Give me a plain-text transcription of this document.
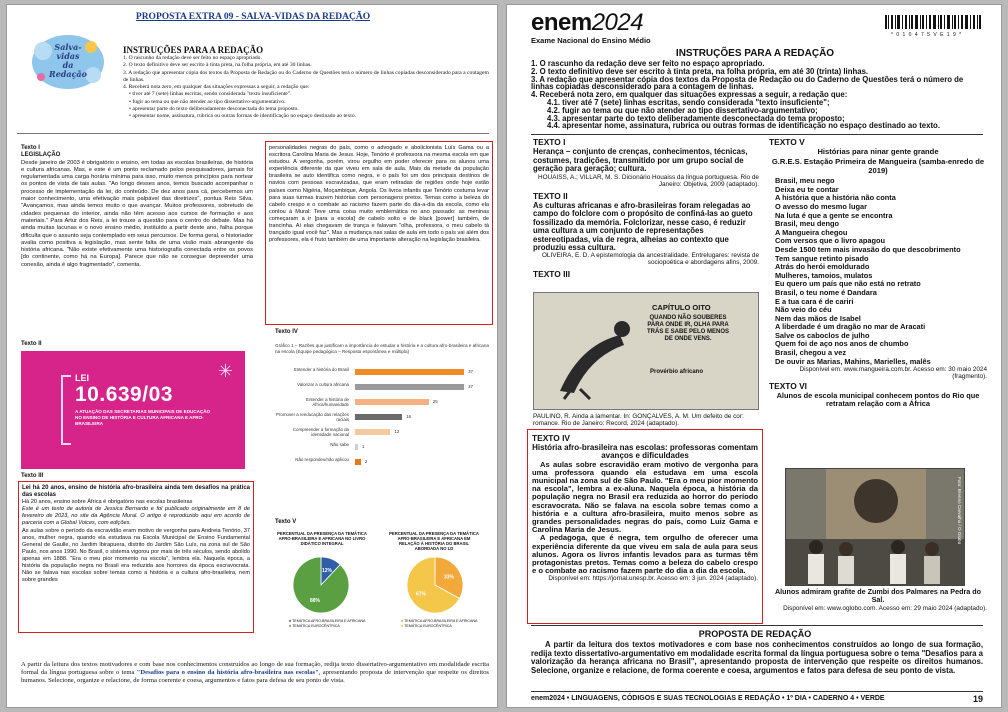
PROPOSTA EXTRA 09 - SALVA-VIDAS DA REDAÇÃO
Salva-vidas
da
Redação
INSTRUÇÕES PARA A REDAÇÃO
1. O rascunho da redação deve ser feito no espaço apropriado.
2. O texto definitivo deve ser escrito à tinta preta, na folha própria, em até 30 linhas.
3. A redação que apresentar cópia dos textos da Proposta de Redação ou do Caderno de Questões terá o número de linhas copiadas desconsiderado para a contagem de linhas.
4. Receberá nota zero, em qualquer das situações expressas a seguir, a redação que:
• tiver até 7 (sete) linhas escritas, sendo considerada "texto insuficiente".
• fugir ao tema ou que não atender ao tipo dissertativo-argumentativo.
• apresentar parte do texto deliberadamente desconectada do tema proposto.
• apresentar nome, assinatura, rubrica ou outras formas de identificação no espaço destinado ao texto.
Texto I
LEGISLAÇÃO

Desde janeiro de 2003 é obrigatório o ensino, em todas as escolas brasileiras, de história e cultura africanas. Mas, e este é um ponto reclamado pelos pesquisadores, jamais foi regulamentada uma carga horária mínima para isso, muito menos princípios para nortear os pontos de vista de tais aulas. "Ao longo desses anos, temos buscado acompanhar o processo de implementação da lei, do conteúdo. De dez anos para cá, percebemos um maior conhecimento, uma efetivação mais palpável das diretrizes", pontua Reis Silva. "Avançamos, mas ainda temos muito o que avançar. Muitos professores, sobretudo de cidades pequenas do interior, ainda não têm acesso aos cursos de formação e aos materiais." Para Artur dos Reis, a lei trouxe a questão para o centro do debate. Mas há ainda muitas lacunas e o novo ensino médio, instituído a partir deste ano, falha porque dificulta que o assunto seja contemplado em seus percursos. De forma geral, o historiador avalia como positiva a legislação, mas sente falta de uma visão mais abrangente da história africana. "Não existe efetivamente uma historiografia conectada entre os povos [do continente, como há na Europa]. Parece que não se consegue depreender uma conexão, ainda é algo fragmentado", comenta.

Texto II
LEI
10.639/03
A ATUAÇÃO DAS SECRETARIAS MUNICIPAIS DE EDUCAÇÃO NO ENSINO DE HISTÓRIA E CULTURA AFRICANA E AFRO-BRASILEIRA
✳
Texto III
Lei há 20 anos, ensino de história afro-brasileira ainda tem desafios na prática das escolas
Há 20 anos, ensino sobre África é obrigatório nas escolas brasileiras
Este é um texto de autoria de Jessica Bernardo e foi publicado originalmente em 8 de fevereiro de 2023, no site da Agência Mural. O artigo é reproduzido aqui em acordo de parceria com a Global Voices, com edições.
As aulas sobre o período da escravidão eram motivo de vergonha para Andreia Tenório, 37 anos, mulher negra, quando ela estudava na Escola Municipal de Ensino Fundamental General de Gaulle, no Jardim Ibirapuera, distrito do Jardim São Luís, na zona sul de São Paulo, nos anos 1990. No Brasil, o sistema vigorou por mais de três séculos, sendo abolido apenas em 1888. "Era o meu pior momento na escola", lembra ela. Naquela época, a história da população negra no Brasil era reduzida aos horrores da época escravocrata. Não se falava nas escolas sobre temas como a história e a cultura afro-brasileira, nem sobre grandes
personalidades negras do país, como o advogado e abolicionista Luís Gama ou a escritora Carolina Maria de Jesus. Hoje, Tenório é professora na mesma escola em que estudou. A vergonha, porém, virou orgulho em poder oferecer para os alunos uma experiência diferente da que viveu em sala de aula. Mais da metade da população brasileira se auto identifica como negra, e o país foi um dos principais destinos de navios com pessoas escravizadas, que eram retiradas de regiões onde hoje estão países como Nigéria, Moçambique, Angola. Os livros infantis que Tenório costuma levar para suas turmas trazem histórias com personagens pretos. Temas como a beleza do cabelo crespo e o combate ao racismo fazem parte do dia-a-dia da escola, como ela contou à Mural: Teve uma coisa muito emblemática no ano passado: as meninas começaram a ir [para a escola] de cabelo solto e de black [power] também, de trancinha. Aí elas chegavam de trança e falavam "olha, professora, o meu cabelo tá trançado igual você faz". Mas a mudança nas salas de aula em todo o país vai além dos professores, ela é fruto também de uma importante alteração na legislação brasileira.
Texto IV
Gráfico 1 – Razões que justificam a importância de estudar a história e a cultura afro-brasileira e africana na escola (Equipe pedagógica – Resposta espontânea e múltipla)
Entender a história do Brasil	37
Valorizar a cultura africana	37
Entender a história de África/humanidade
25
Promover a reeducação das relações raciais
16
Compreender a formação da identidade nacional
12
Não sabe	1
Não respondeu/não aplicou	2
Texto V
PERCENTUAL DA PRESENÇA DA TEMÁTICA AFRO-BRASILEIRA E AFRICANA NO LIVRO DIDÁTICO INTEGRAL
PERCENTUAL DA PRESENÇA DA TEMÁTICA AFRO-BRASILEIRA E AFRICANA EM RELAÇÃO À HISTÓRIA DO BRASIL ABORDADA NO LD
12%
88%
33%
67%
■ TEMÁTICA AFRO-BRASILEIRA E AFRICANA
■ TEMÁTICA EUROCÊNTRICA
■ TEMÁTICA AFRO-BRASILEIRA E AFRICANA
■ TEMÁTICA EUROCÊNTRICA
A partir da leitura dos textos motivadores e com base nos conhecimentos construídos ao longo de sua formação, redija texto dissertativo-argumentativo em modalidade escrita formal da língua portuguesa sobre o tema "Desafios para o ensino da história afro-brasileira nas escolas", apresentando proposta de intervenção que respeite os direitos humanos. Selecione, organize e relacione, de forma coerente e coesa, argumentos e fatos para defesa de seu ponto de vista.
enem2024
Exame Nacional do Ensino Médio
* 0 1 0 4 7 5 V E 1 9 *
INSTRUÇÕES PARA A REDAÇÃO
1. O rascunho da redação deve ser feito no espaço apropriado.
2. O texto definitivo deve ser escrito à tinta preta, na folha própria, em até 30 (trinta) linhas.
3. A redação que apresentar cópia dos textos da Proposta de Redação ou do Caderno de Questões terá o número de linhas copiadas desconsiderado para a contagem de linhas.
4. Receberá nota zero, em qualquer das situações expressas a seguir, a redação que:
4.1. tiver até 7 (sete) linhas escritas, sendo considerada "texto insuficiente";
4.2. fugir ao tema ou que não atender ao tipo dissertativo-argumentativo;
4.3. apresentar parte do texto deliberadamente desconectada do tema proposto;
4.4. apresentar nome, assinatura, rubrica ou outras formas de identificação no espaço destinado ao texto.
TEXTO I
Herança – conjunto de crenças, conhecimentos, técnicas, costumes, tradições, transmitido por um grupo social de geração para geração; cultura.
HOUAISS, A.; VILLAR, M. S. Dicionário Houaiss da língua portuguesa. Rio de Janeiro: Objetiva, 2009 (adaptado).
TEXTO II
As culturas africanas e afro-brasileiras foram relegadas ao campo do folclore com o propósito de confiná-las ao gueto fossilizado da memória. Folclorizar, nesse caso, é reduzir uma cultura a um conjunto de representações estereotipadas, via de regra, alheias ao contexto que produziu essa cultura.
OLIVEIRA, E. D. A epistemologia da ancestralidade. Entrelugares: revista de sociopoética e abordagens afins, 2009.
TEXTO III
CAPÍTULO OITO
QUANDO NÃO SOUBERES PARA ONDE IR, OLHA PARA TRÁS E SABE PELO MENOS DE ONDE VENS.
Provérbio africano
PAULINO, R. Ainda a lamentar. In: GONÇALVES, A. M. Um defeito de cor: romance. Rio de Janeiro: Record, 2024 (adaptado).
TEXTO IV
História afro-brasileira nas escolas: professoras comentam avanços e dificuldades
As aulas sobre escravidão eram motivo de vergonha para uma professora quando ela estudava em uma escola municipal na zona sul de São Paulo. "Era o meu pior momento na escola", lembra a ex-aluna. Naquela época, a história da população negra no Brasil era reduzida ao horror do período escravocrata. Não se falava na escola sobre temas como a história e a cultura afro-brasileira, muito menos sobre as grandes personalidades negras do país, como Luiz Gama e Carolina Maria de Jesus.
A pedagoga, que é negra, tem orgulho de oferecer uma experiência diferente da que viveu em sala de aula para seus alunos. Agora os livros infantis levados para as turmas têm protagonistas pretos. Temas como a beleza do cabelo crespo e o combate ao racismo fazem parte do dia a dia da escola.
Disponível em: https://jornal.unesp.br. Acesso em: 3 jun. 2024 (adaptado).
TEXTO V
Histórias para ninar gente grande
G.R.E.S. Estação Primeira de Mangueira (samba-enredo de 2019)
Brasil, meu nego
Deixa eu te contar
A história que a história não conta
O avesso do mesmo lugar
Na luta é que a gente se encontra
Brasil, meu dengo
A Mangueira chegou
Com versos que o livro apagou
Desde 1500 tem mais invasão do que descobrimento
Tem sangue retinto pisado
Atrás do herói emoldurado
Mulheres, tamoios, mulatos
Eu quero um país que não está no retrato
Brasil, o teu nome é Dandara
E a tua cara é de cariri
Não veio do céu
Nem das mãos de Isabel
A liberdade é um dragão no mar de Aracati
Salve os caboclos de julho
Quem foi de aço nos anos de chumbo
Brasil, chegou a vez
De ouvir as Marias, Mahins, Marielles, malês
Disponível em: www.mangueira.com.br. Acesso em: 30 maio 2024 (fragmento).
TEXTO VI
Alunos de escola municipal conhecem pontos do Rio que retratam relação com a África
Foto: Brenno Carvalho / O Globo
Alunos admiram grafite de Zumbi dos Palmares na Pedra do Sal.
Disponível em: www.oglobo.com. Acesso em: 29 maio 2024 (adaptado).
PROPOSTA DE REDAÇÃO
A partir da leitura dos textos motivadores e com base nos conhecimentos construídos ao longo de sua formação, redija texto dissertativo-argumentativo em modalidade escrita formal da língua portuguesa sobre o tema "Desafios para a valorização da herança africana no Brasil", apresentando proposta de intervenção que respeite os direitos humanos. Selecione, organize e relacione, de forma coerente e coesa, argumentos e fatos para defesa de seu ponto de vista.
enem2024 • LINGUAGENS, CÓDIGOS E SUAS TECNOLOGIAS E REDAÇÃO • 1º DIA • CADERNO 4 • VERDE	19
